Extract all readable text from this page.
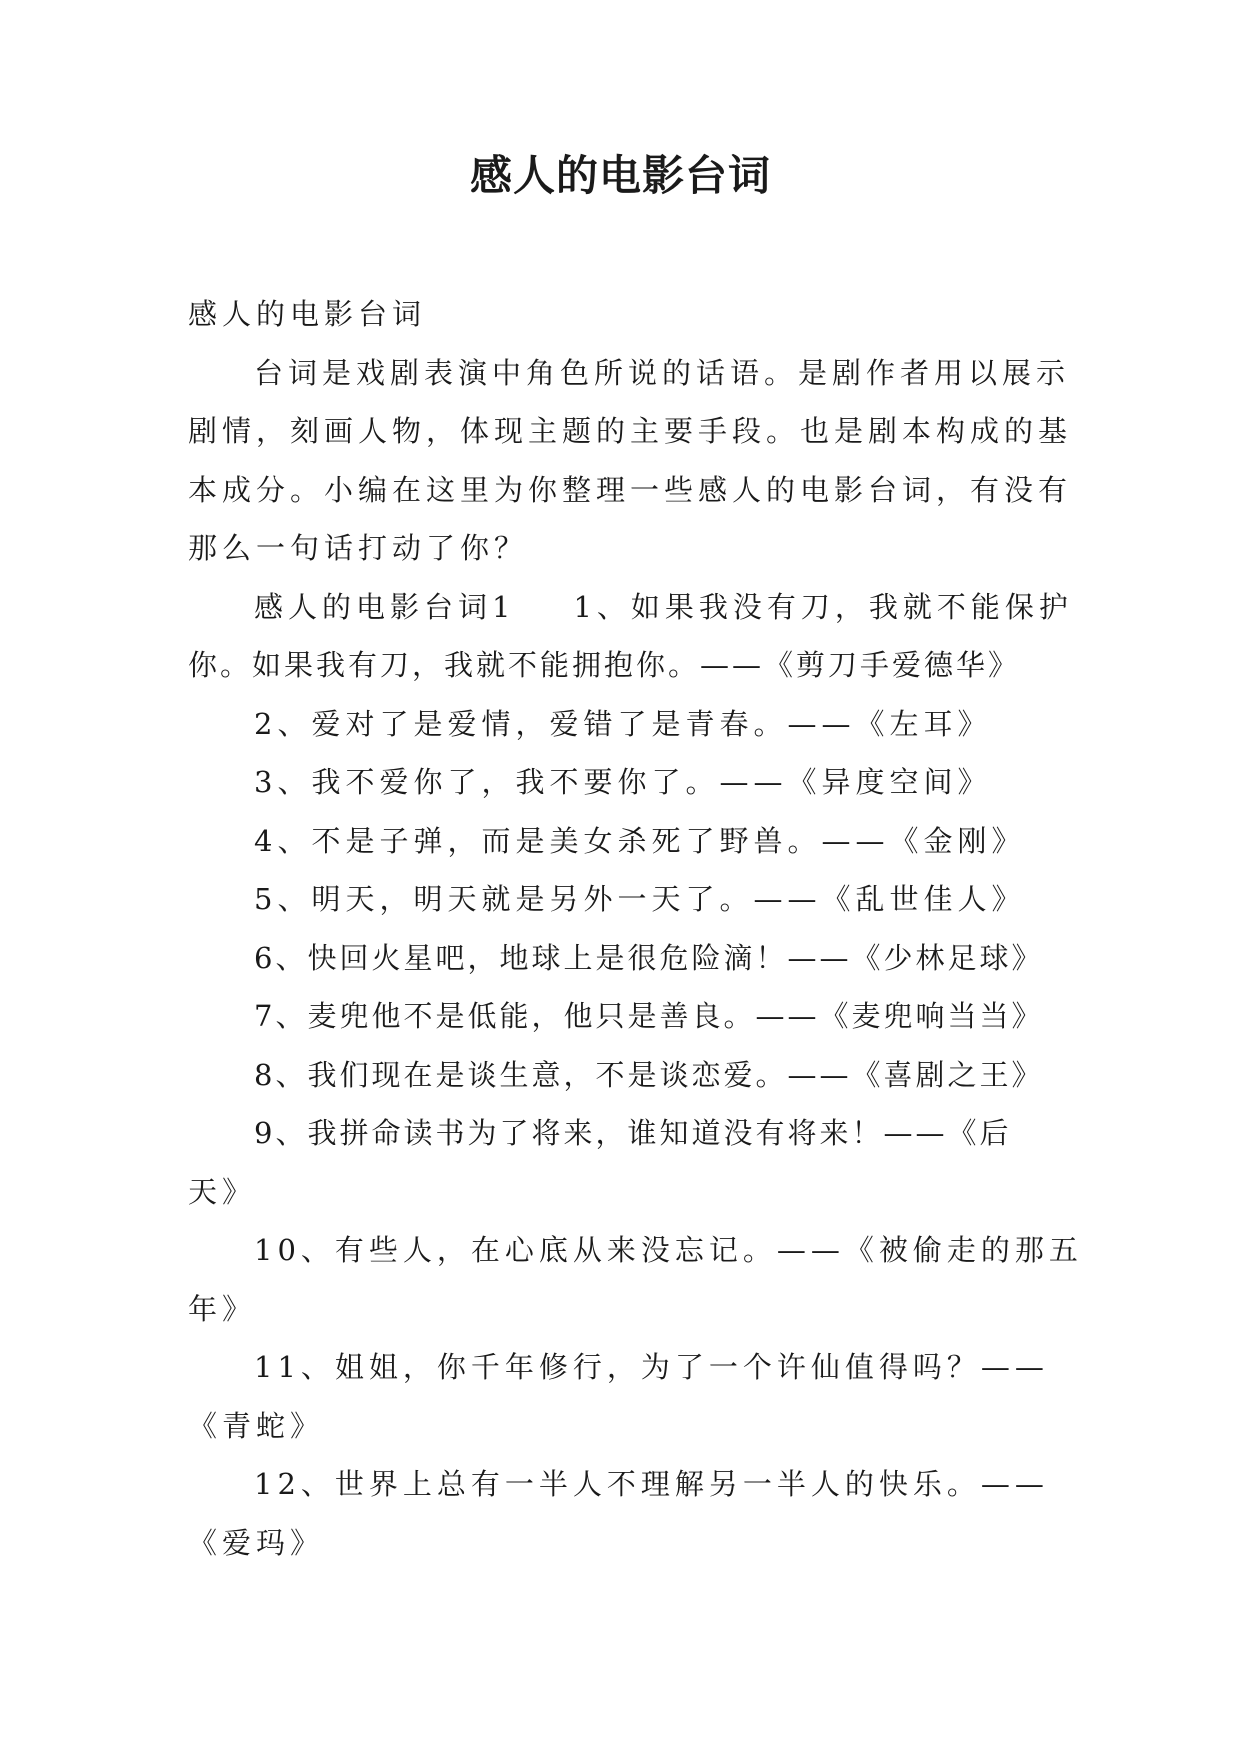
感人的电影台词
感人的电影台词
台词是戏剧表演中角色所说的话语。是剧作者用以展示
剧情，刻画人物，体现主题的主要手段。也是剧本构成的基
本成分。小编在这里为你整理一些感人的电影台词，有没有
那么一句话打动了你？
感人的电影台词1 1、如果我没有刀，我就不能保护
你。如果我有刀，我就不能拥抱你。——《剪刀手爱德华》
2、爱对了是爱情，爱错了是青春。——《左耳》
3、我不爱你了，我不要你了。——《异度空间》
4、不是子弹，而是美女杀死了野兽。——《金刚》
5、明天，明天就是另外一天了。——《乱世佳人》
6、快回火星吧，地球上是很危险滴！——《少林足球》
7、麦兜他不是低能，他只是善良。——《麦兜响当当》
8、我们现在是谈生意，不是谈恋爱。——《喜剧之王》
9、我拼命读书为了将来，谁知道没有将来！——《后
天》
10、有些人，在心底从来没忘记。——《被偷走的那五
年》
11、姐姐，你千年修行，为了一个许仙值得吗？——
《青蛇》
12、世界上总有一半人不理解另一半人的快乐。——
《爱玛》
